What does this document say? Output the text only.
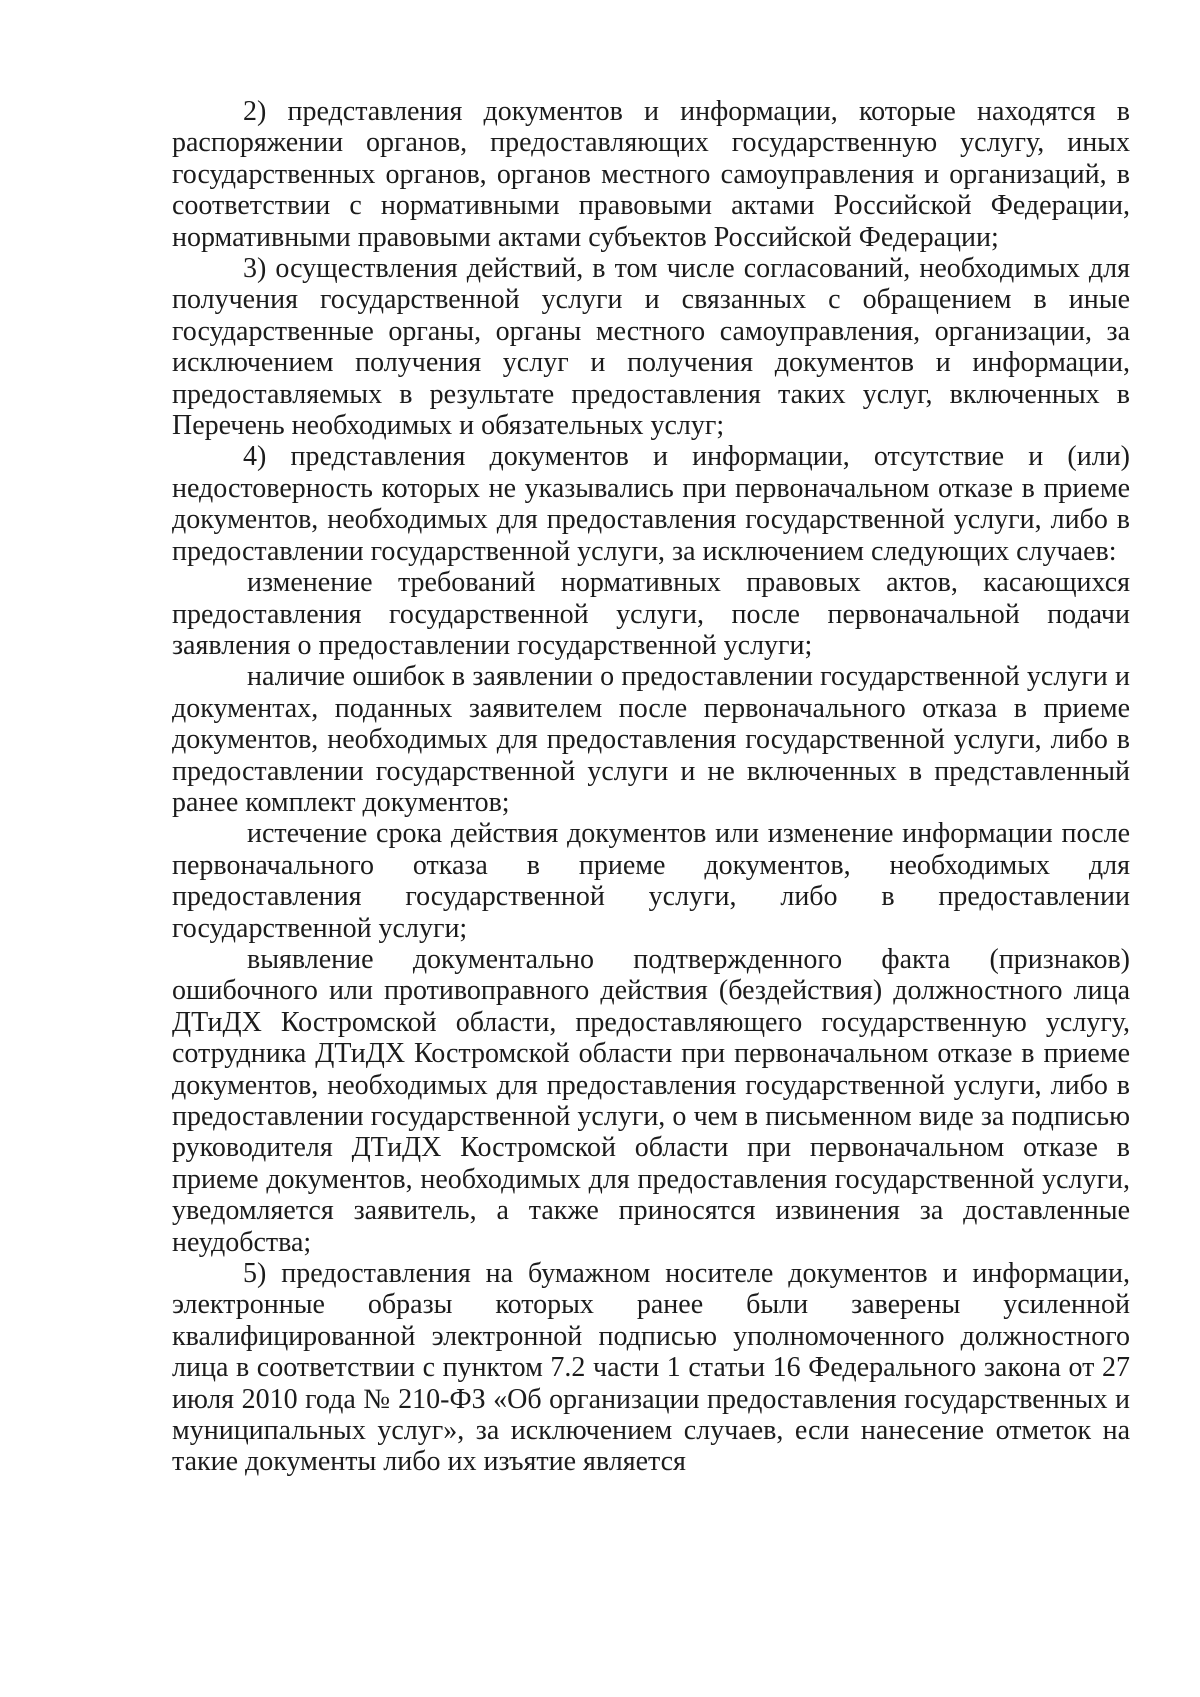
2) представления документов и информации, которые находятся в распоряжении органов, предоставляющих государственную услугу, иных государственных органов, органов местного самоуправления и организаций, в соответствии с нормативными правовыми актами Российской Федерации, нормативными правовыми актами субъектов Российской Федерации;

3) осуществления действий, в том числе согласований, необходимых для получения государственной услуги и связанных с обращением в иные государственные органы, органы местного самоуправления, организации, за исключением получения услуг и получения документов и информации, предоставляемых в результате предоставления таких услуг, включенных в Перечень необходимых и обязательных услуг;

4) представления документов и информации, отсутствие и (или) недостоверность которых не указывались при первоначальном отказе в приеме документов, необходимых для предоставления государственной услуги, либо в предоставлении государственной услуги, за исключением следующих случаев:

изменение требований нормативных правовых актов, касающихся предоставления государственной услуги, после первоначальной подачи заявления о предоставлении государственной услуги;

наличие ошибок в заявлении о предоставлении государственной услуги и документах, поданных заявителем после первоначального отказа в приеме документов, необходимых для предоставления государственной услуги, либо в предоставлении государственной услуги и не включенных в представленный ранее комплект документов;

истечение срока действия документов или изменение информации после первоначального отказа в приеме документов, необходимых для предоставления государственной услуги, либо в предоставлении государственной услуги;

выявление документально подтвержденного факта (признаков) ошибочного или противоправного действия (бездействия) должностного лица ДТиДХ Костромской области, предоставляющего государственную услугу, сотрудника ДТиДХ Костромской области при первоначальном отказе в приеме документов, необходимых для предоставления государственной услуги, либо в предоставлении государственной услуги, о чем в письменном виде за подписью руководителя ДТиДХ Костромской области при первоначальном отказе в приеме документов, необходимых для предоставления государственной услуги, уведомляется заявитель, а также приносятся извинения за доставленные неудобства;

5) предоставления на бумажном носителе документов и информации, электронные образы которых ранее были заверены усиленной квалифицированной электронной подписью уполномоченного должностного лица в соответствии с пунктом 7.2 части 1 статьи 16 Федерального закона от 27 июля 2010 года № 210-ФЗ «Об организации предоставления государственных и муниципальных услуг», за исключением случаев, если нанесение отметок на такие документы либо их изъятие является
